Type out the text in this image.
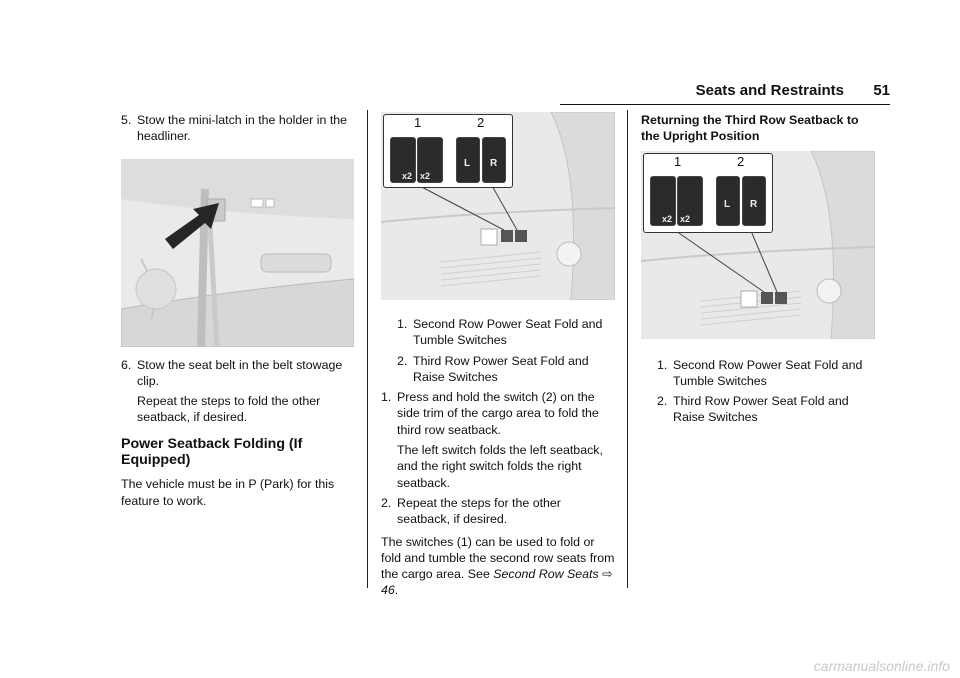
Seats and Restraints 51
5. Stow the mini-latch in the holder in the headliner.
6. Stow the seat belt in the belt stowage clip.

Repeat the steps to fold the other seatback, if desired.

Power Seatback Folding (If Equipped)

The vehicle must be in P (Park) for this feature to work.

1	2
x2 x2
L R
1. Second Row Power Seat Fold and Tumble Switches
2. Third Row Power Seat Fold and Raise Switches
1. Press and hold the switch (2) on the side trim of the cargo area to fold the third row seatback.

The left switch folds the left seatback, and the right switch folds the right seatback.

2. Repeat the steps for the other seatback, if desired.

The switches (1) can be used to fold or fold and tumble the second row seats from the cargo area. See Second Row Seats ⇨ 46.

Returning the Third Row Seatback to the Upright Position
1	2
x2 x2
L R
1. Second Row Power Seat Fold and Tumble Switches
2. Third Row Power Seat Fold and Raise Switches
carmanualsonline.info
